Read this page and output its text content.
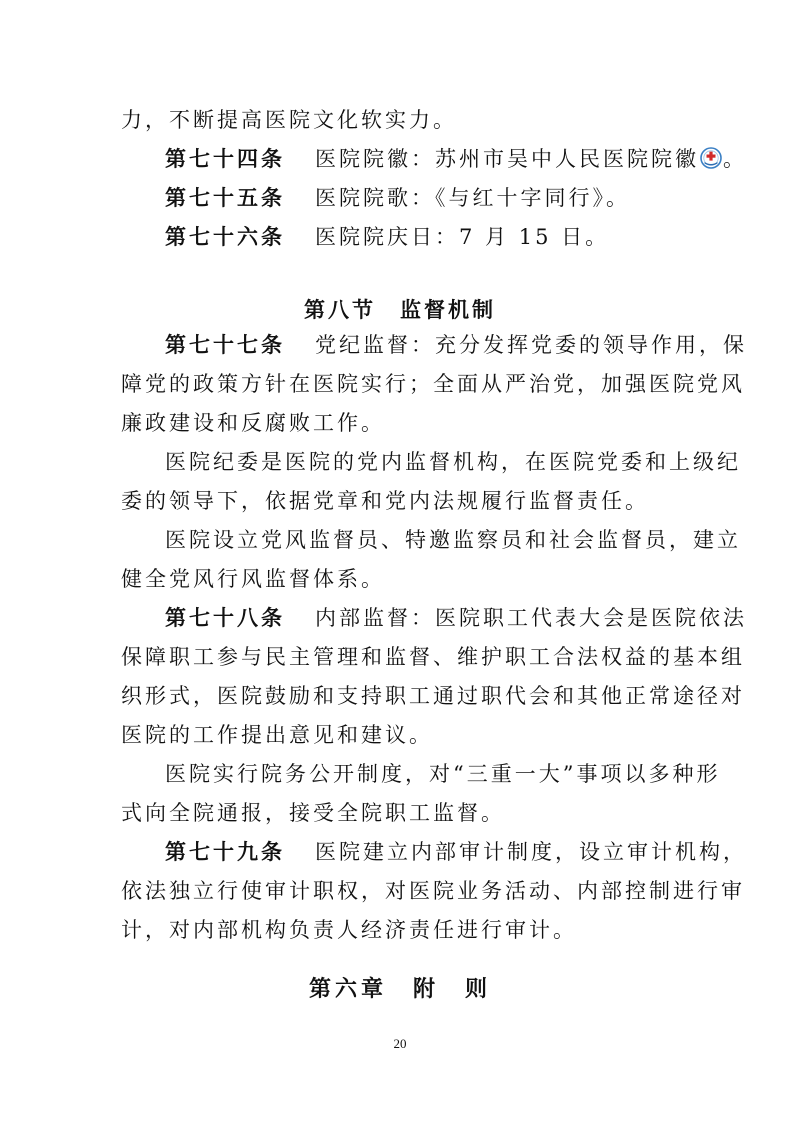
力，不断提高医院文化软实力。
第七十四条 医院院徽：苏州市吴中人民医院院徽 。
第七十五条 医院院歌：《与红十字同行》。
第七十六条 医院院庆日：7 月 15 日。
第八节　监督机制
第七十七条 党纪监督：充分发挥党委的领导作用，保
障党的政策方针在医院实行；全面从严治党，加强医院党风
廉政建设和反腐败工作。
医院纪委是医院的党内监督机构，在医院党委和上级纪
委的领导下，依据党章和党内法规履行监督责任。
医院设立党风监督员、特邀监察员和社会监督员，建立
健全党风行风监督体系。
第七十八条 内部监督：医院职工代表大会是医院依法
保障职工参与民主管理和监督、维护职工合法权益的基本组
织形式，医院鼓励和支持职工通过职代会和其他正常途径对
医院的工作提出意见和建议。
医院实行院务公开制度，对“三重一大”事项以多种形
式向全院通报，接受全院职工监督。
第七十九条 医院建立内部审计制度，设立审计机构，
依法独立行使审计职权，对医院业务活动、内部控制进行审
计，对内部机构负责人经济责任进行审计。
第六章　附　则
20
